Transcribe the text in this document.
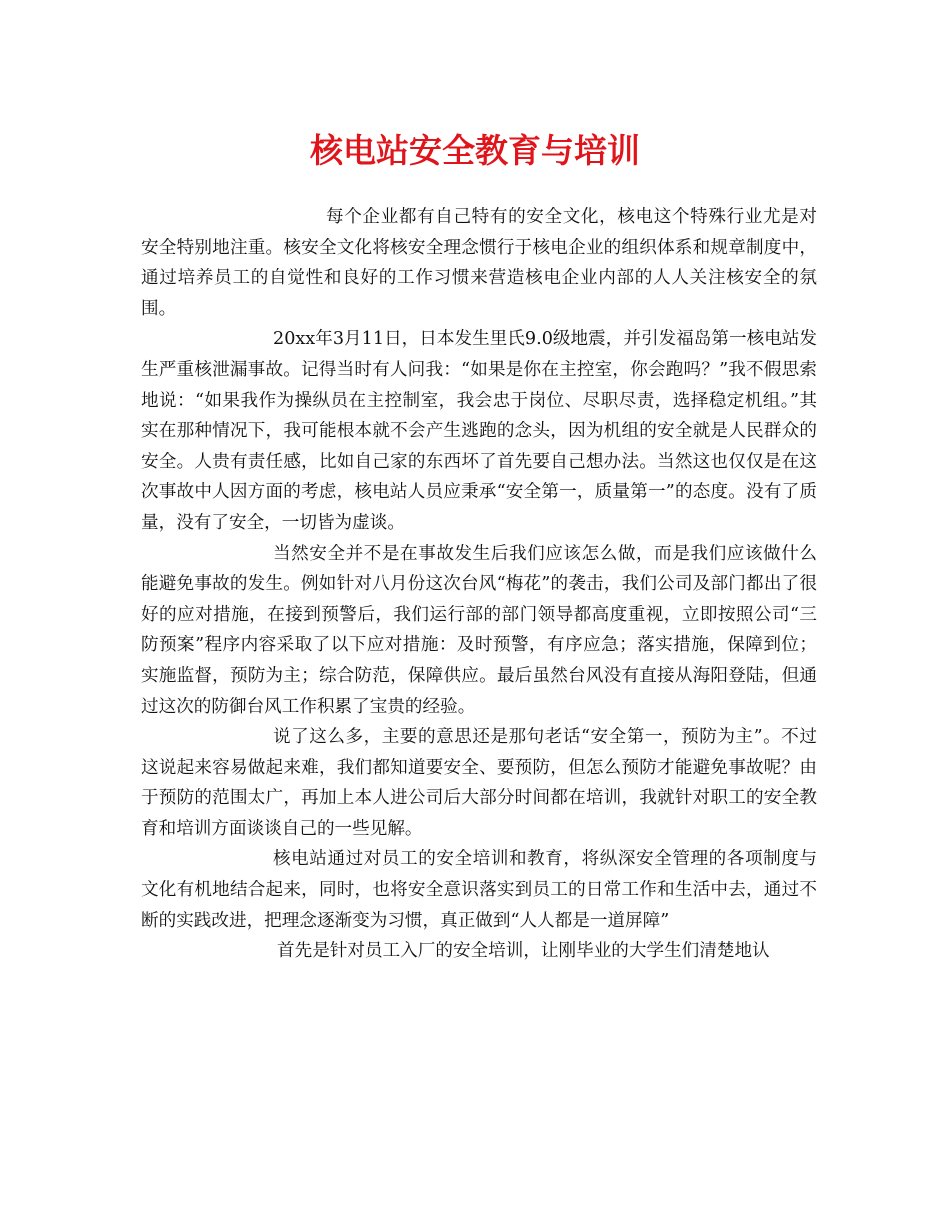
核电站安全教育与培训

每个企业都有自己特有的安全文化，核电这个特殊行业尤是对安全特别地注重。核安全文化将核安全理念惯行于核电企业的组织体系和规章制度中，通过培养员工的自觉性和良好的工作习惯来营造核电企业内部的人人关注核安全的氛围。

20xx年3月11日，日本发生里氏9.0级地震，并引发福岛第一核电站发生严重核泄漏事故。记得当时有人问我：“如果是你在主控室，你会跑吗？”我不假思索地说：“如果我作为操纵员在主控制室，我会忠于岗位、尽职尽责，选择稳定机组。”其实在那种情况下，我可能根本就不会产生逃跑的念头，因为机组的安全就是人民群众的安全。人贵有责任感，比如自己家的东西坏了首先要自己想办法。当然这也仅仅是在这次事故中人因方面的考虑，核电站人员应秉承“安全第一，质量第一”的态度。没有了质量，没有了安全，一切皆为虚谈。

当然安全并不是在事故发生后我们应该怎么做，而是我们应该做什么能避免事故的发生。例如针对八月份这次台风“梅花”的袭击，我们公司及部门都出了很好的应对措施，在接到预警后，我们运行部的部门领导都高度重视，立即按照公司“三防预案”程序内容采取了以下应对措施：及时预警，有序应急；落实措施，保障到位；实施监督，预防为主；综合防范，保障供应。最后虽然台风没有直接从海阳登陆，但通过这次的防御台风工作积累了宝贵的经验。

说了这么多，主要的意思还是那句老话“安全第一，预防为主”。不过这说起来容易做起来难，我们都知道要安全、要预防，但怎么预防才能避免事故呢？由于预防的范围太广，再加上本人进公司后大部分时间都在培训，我就针对职工的安全教育和培训方面谈谈自己的一些见解。

核电站通过对员工的安全培训和教育，将纵深安全管理的各项制度与文化有机地结合起来，同时，也将安全意识落实到员工的日常工作和生活中去，通过不断的实践改进，把理念逐渐变为习惯，真正做到“人人都是一道屏障”

首先是针对员工入厂的安全培训，让刚毕业的大学生们清楚地认
